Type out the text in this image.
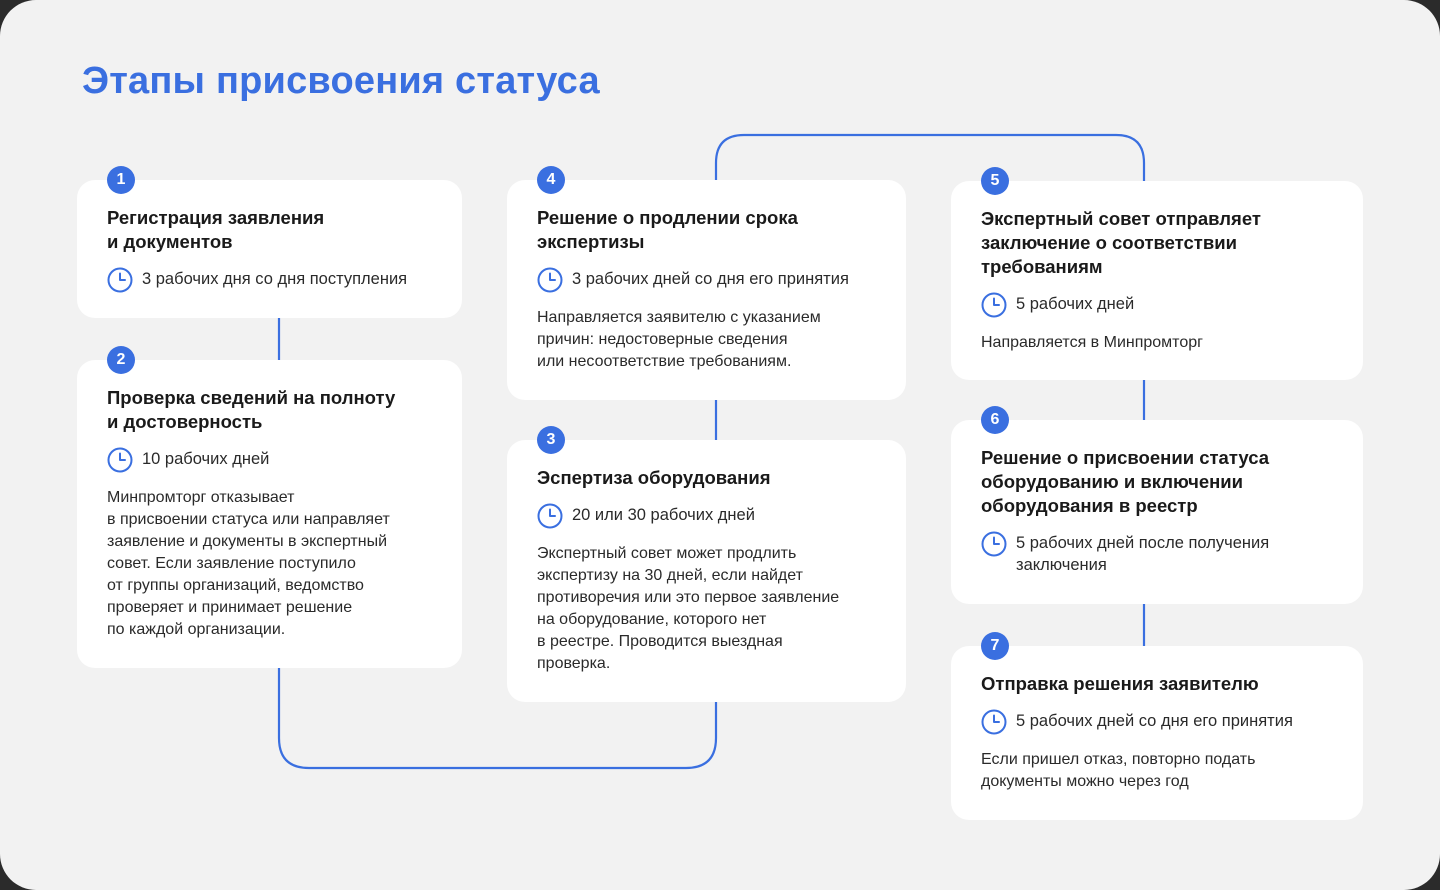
Этапы присвоения статуса
1
Регистрация заявления
и документов
3 рабочих дня со дня поступления
2
Проверка сведений на полноту
и достоверность
10 рабочих дней
Минпромторг отказывает
в присвоении статуса или направляет
заявление и документы в экспертный
совет. Если заявление поступило
от группы организаций, ведомство
проверяет и принимает решение
по каждой организации.
4
Решение о продлении срока
экспертизы
3 рабочих дней со дня его принятия
Направляется заявителю с указанием
причин: недостоверные сведения
или несоответствие требованиям.
3
Эспертиза оборудования
20 или 30 рабочих дней
Экспертный совет может продлить
экспертизу на 30 дней, если найдет
противоречия или это первое заявление
на оборудование, которого нет
в реестре. Проводится выездная
проверка.
5
Экспертный совет отправляет
заключение о соответствии
требованиям
5 рабочих дней
Направляется в Минпромторг
6
Решение о присвоении статуса
оборудованию и включении
оборудования в реестр
5 рабочих дней после получения
заключения
7
Отправка решения заявителю
5 рабочих дней со дня его принятия
Если пришел отказ, повторно подать
документы можно через год
